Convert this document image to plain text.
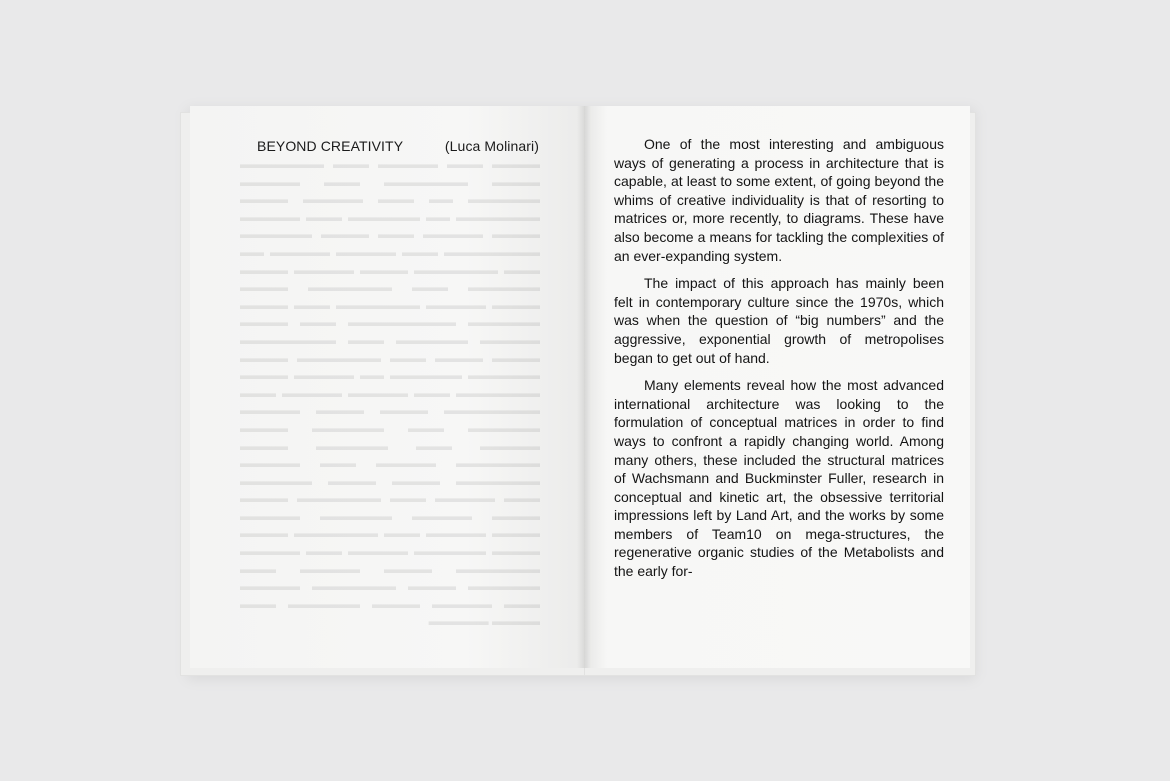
▬▬▬▬ ▬▬▬ ▬▬▬▬▬ ▬▬▬ ▬▬▬▬▬▬▬ ▬▬▬▬ ▬▬▬▬▬▬▬ ▬▬▬ ▬▬▬▬▬ ▬▬▬▬▬▬ ▬▬ ▬▬▬ ▬▬▬▬▬ ▬▬▬▬ ▬▬▬▬▬▬▬ ▬▬ ▬▬▬▬▬▬ ▬▬▬ ▬▬▬▬▬ ▬▬▬▬ ▬▬▬▬▬ ▬▬▬ ▬▬▬▬ ▬▬▬▬▬▬ ▬▬▬▬▬▬▬▬ ▬▬▬ ▬▬▬▬▬ ▬▬▬▬▬ ▬▬ ▬▬▬ ▬▬▬▬▬▬▬ ▬▬▬▬ ▬▬▬▬▬ ▬▬▬▬ ▬▬▬▬▬▬ ▬▬▬ ▬▬▬▬▬▬▬ ▬▬▬▬ ▬▬▬▬ ▬▬▬▬▬ ▬▬▬▬▬▬▬ ▬▬▬ ▬▬▬▬ ▬▬▬▬▬▬ ▬▬▬▬▬▬▬▬▬ ▬▬▬ ▬▬▬▬ ▬▬▬▬▬ ▬▬▬▬▬▬ ▬▬▬ ▬▬▬▬▬▬▬▬ ▬▬▬▬ ▬▬▬▬ ▬▬▬ ▬▬▬▬▬▬▬ ▬▬▬▬ ▬▬▬▬▬▬ ▬▬▬▬▬▬ ▬▬ ▬▬▬▬▬ ▬▬▬▬ ▬▬▬▬▬▬▬ ▬▬▬ ▬▬▬▬▬ ▬▬▬▬▬ ▬▬▬ ▬▬▬▬▬▬▬▬ ▬▬▬▬ ▬▬▬▬ ▬▬▬▬▬ ▬▬▬▬▬▬ ▬▬▬ ▬▬▬▬▬▬ ▬▬▬▬ ▬▬▬▬▬ ▬▬▬ ▬▬▬▬▬▬ ▬▬▬▬ ▬▬▬▬▬▬▬ ▬▬▬▬▬ ▬▬▬ ▬▬▬▬▬ ▬▬▬▬▬▬▬ ▬▬▬▬ ▬▬▬▬ ▬▬▬▬▬▬ ▬▬▬ ▬▬▬▬▬ ▬▬▬ ▬▬▬▬▬▬▬ ▬▬▬▬ ▬▬▬▬ ▬▬▬▬▬ ▬▬▬▬▬▬ ▬▬▬▬▬ ▬▬▬▬ ▬▬▬▬▬ ▬▬▬ ▬▬▬▬▬▬▬ ▬▬▬▬ ▬▬▬▬ ▬▬▬▬▬▬ ▬▬▬▬▬ ▬▬▬ ▬▬▬▬▬ ▬▬▬▬▬▬▬ ▬▬▬▬ ▬▬▬▬▬ ▬▬▬ ▬▬▬▬▬▬ ▬▬▬▬ ▬▬▬▬▬▬▬ ▬▬▬▬▬ ▬▬▬ ▬▬▬▬▬ ▬▬▬▬ ▬▬▬▬▬▬ ▬▬▬ ▬▬▬▬ ▬▬▬▬▬
BEYOND CREATIVITY	(Luca Molinari)	One of the most interesting and ambiguous ways of generating a process in architecture that is capable, at least to some extent, of going beyond the whims of creative individuality is that of resorting to matrices or, more recently, to diagrams. These have also become a means for tackling the complexities of an ever-expanding system.

The impact of this approach has mainly been felt in contemporary culture since the 1970s, which was when the question of “big numbers” and the aggressive, exponential growth of metropolises began to get out of hand.

Many elements reveal how the most advanced international architecture was looking to the formulation of conceptual matrices in order to find ways to confront a rapidly changing world. Among many others, these included the structural matrices of Wachsmann and Buckminster Fuller, research in conceptual and kinetic art, the obsessive territorial impressions left by Land Art, and the works by some members of Team10 on mega-structures, the regenerative organic studies of the Metabolists and the early for-
